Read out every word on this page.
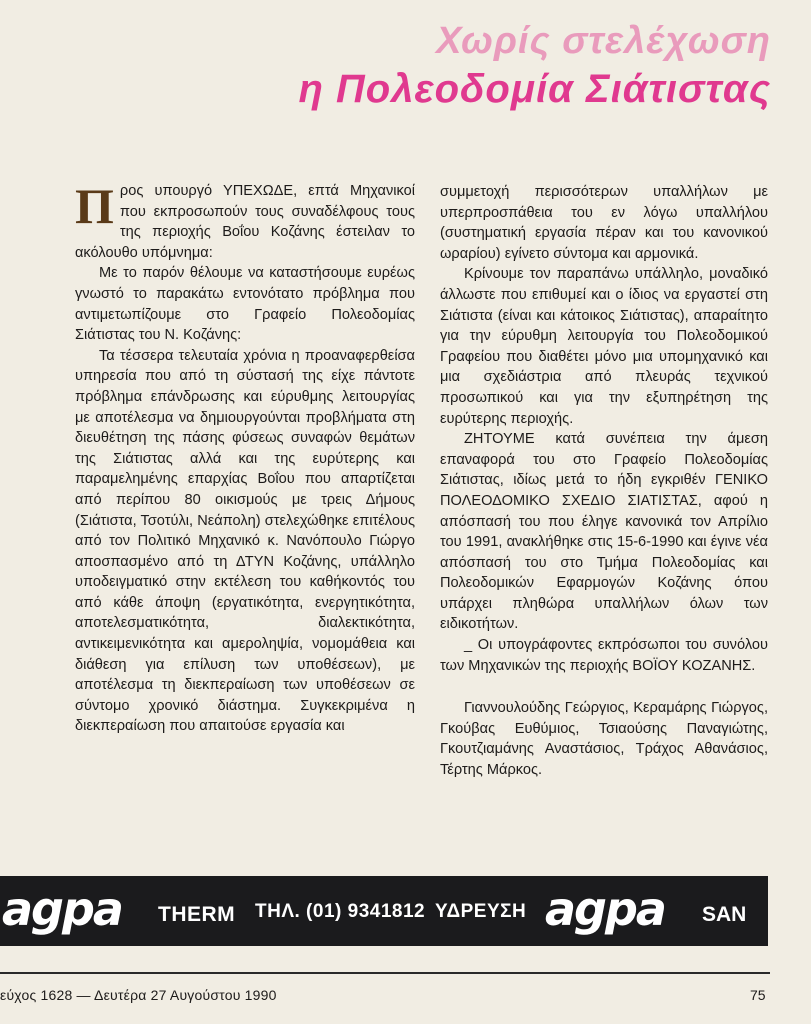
Χωρίς στελέχωση
η Πολεοδομία Σιάτιστας

Προς υπουργό ΥΠΕΧΩΔΕ, επτά Μηχανικοί που εκπροσωπούν τους συναδέλφους τους της περιοχής Βοΐου Κοζάνης έστειλαν το ακόλουθο υπόμνημα:

Με το παρόν θέλουμε να καταστήσουμε ευρέως γνωστό το παρακάτω εντονότατο πρόβλημα που αντιμετωπίζουμε στο Γραφείο Πολεοδομίας Σιάτιστας του Ν. Κοζάνης:

Τα τέσσερα τελευταία χρόνια η προαναφερθείσα υπηρεσία που από τη σύστασή της είχε πάντοτε πρόβλημα επάνδρωσης και εύρυθμης λειτουργίας με αποτέλεσμα να δημιουργούνται προβλήματα στη διευθέτηση της πάσης φύσεως συναφών θεμάτων της Σιάτιστας αλλά και της ευρύτερης και παραμελημένης επαρχίας Βοΐου που απαρτίζεται από περίπου 80 οικισμούς με τρεις Δήμους (Σιάτιστα, Τσοτύλι, Νεάπολη) στελεχώθηκε επιτέλους από τον Πολιτικό Μηχανικό κ. Νανόπουλο Γιώργο αποσπασμένο από τη ΔΤΥΝ Κοζάνης, υπάλληλο υποδειγματικό στην εκτέλεση του καθήκοντός του από κάθε άποψη (εργατικότητα, ενεργητικότητα, αποτελεσματικότητα, διαλεκτικότητα, αντικειμενικότητα και αμεροληψία, νομομάθεια και διάθεση για επίλυση των υποθέσεων), με αποτέλεσμα τη διεκπεραίωση των υποθέσεων σε σύντομο χρονικό διάστημα. Συγκεκριμένα η διεκπεραίωση που απαιτούσε εργασία και

συμμετοχή περισσότερων υπαλλήλων με υπερπροσπάθεια του εν λόγω υπαλλήλου (συστηματική εργασία πέραν και του κανονικού ωραρίου) εγίνετο σύντομα και αρμονικά.

Κρίνουμε τον παραπάνω υπάλληλο, μοναδικό άλλωστε που επιθυμεί και ο ίδιος να εργαστεί στη Σιάτιστα (είναι και κάτοικος Σιάτιστας), απαραίτητο για την εύρυθμη λειτουργία του Πολεοδομικού Γραφείου που διαθέτει μόνο μια υπομηχανικό και μια σχεδιάστρια από πλευράς τεχνικού προσωπικού και για την εξυπηρέτηση της ευρύτερης περιοχής.

ΖΗΤΟΥΜΕ κατά συνέπεια την άμεση επαναφορά του στο Γραφείο Πολεοδομίας Σιάτιστας, ιδίως μετά το ήδη εγκριθέν ΓΕΝΙΚΟ ΠΟΛΕΟΔΟΜΙΚΟ ΣΧΕΔΙΟ ΣΙΑΤΙΣΤΑΣ, αφού η απόσπασή του που έληγε κανονικά τον Απρίλιο του 1991, ανακλήθηκε στις 15-6-1990 και έγινε νέα απόσπασή του στο Τμήμα Πολεοδομίας και Πολεοδομικών Εφαρμογών Κοζάνης όπου υπάρχει πληθώρα υπαλλήλων όλων των ειδικοτήτων.

_ Οι υπογράφοντες εκπρόσωποι του συνόλου των Μηχανικών της περιοχής ΒΟΪΟΥ ΚΟΖΑΝΗΣ.

Γιαννουλούδης Γεώργιος, Κεραμάρης Γιώργος, Γκούβας Ευθύμιος, Τσιαούσης Παναγιώτης, Γκουτζιαμάνης Αναστάσιος, Τράχος Αθανάσιος, Τέρτης Μάρκος.

agpa THERM ΤΗΛ. (01) 9341812 ΥΔΡΕΥΣΗ agpa SAN
εύχος 1628 — Δευτέρα 27 Αυγούστου 1990	75
